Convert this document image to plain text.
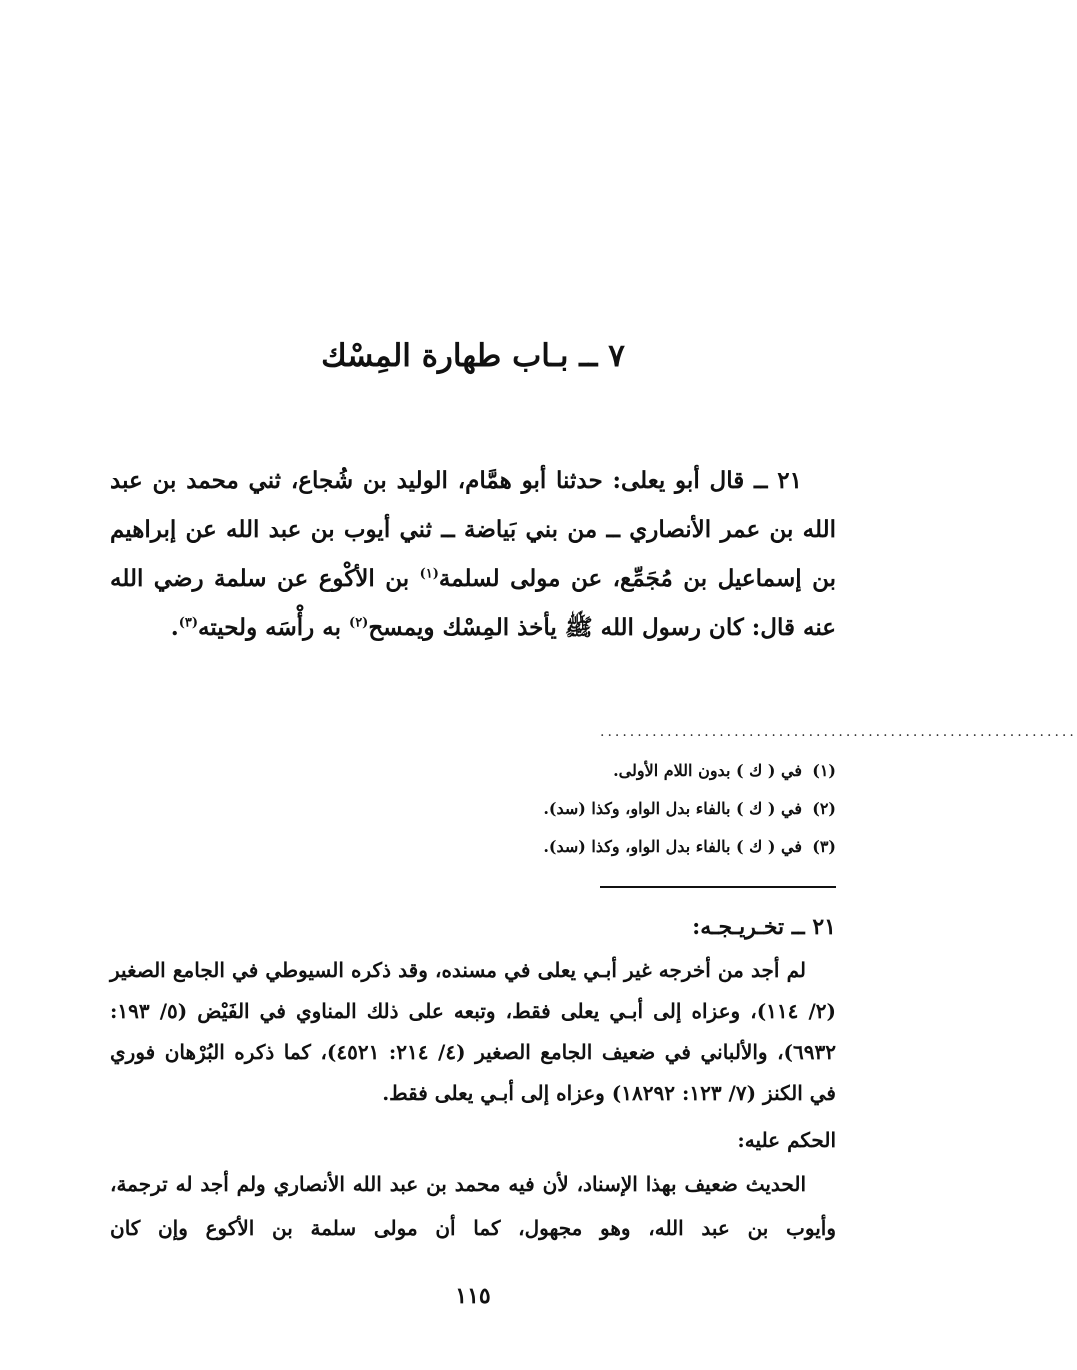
٧ ــ بـاب طهارة المِسْك

٢١ ــ قال أبو يعلى: حدثنا أبو همَّام، الوليد بن شُجاع، ثني محمد بن عبد الله بن عمر الأنصاري ــ من بني بَياضة ــ ثني أيوب بن عبد الله عن إبراهيم بن إسماعيل بن مُجَمِّع، عن مولى لسلمة$^{(١)}$ بن الأكْوع عن سلمة رضي الله عنه قال: كان رسول الله ﷺ يأخذ المِسْك ويمسح$^{(٢)}$ به رأْسَه ولحيته$^{(٣)}$.

................................................................
(١)في ( ك ) بدون اللام الأولى.
(٢)في ( ك ) بالفاء بدل الواو، وكذا (سد).
(٣)في ( ك ) بالفاء بدل الواو، وكذا (سد).
٢١ ــ تخـريـجـه:

لم أجد من أخرجه غير أبـي يعلى في مسنده، وقد ذكره السيوطي في الجامع الصغير (٢/ ١١٤)، وعزاه إلى أبـي يعلى فقط، وتبعه على ذلك المناوي في الفَيْض (٥/ ١٩٣: ٦٩٣٢)، والألباني في ضعيف الجامع الصغير (٤/ ٢١٤: ٤٥٢١)، كما ذكره البُرْهان فوري في الكنز (٧/ ١٢٣: ١٨٢٩٢) وعزاه إلى أبـي يعلى فقط.

الحكم عليه:

الحديث ضعيف بهذا الإسناد، لأن فيه محمد بن عبد الله الأنصاري ولم أجد له ترجمة، وأيوب بن عبد الله، وهو مجهول، كما أن مولى سلمة بن الأكوع وإن كان

١١٥
